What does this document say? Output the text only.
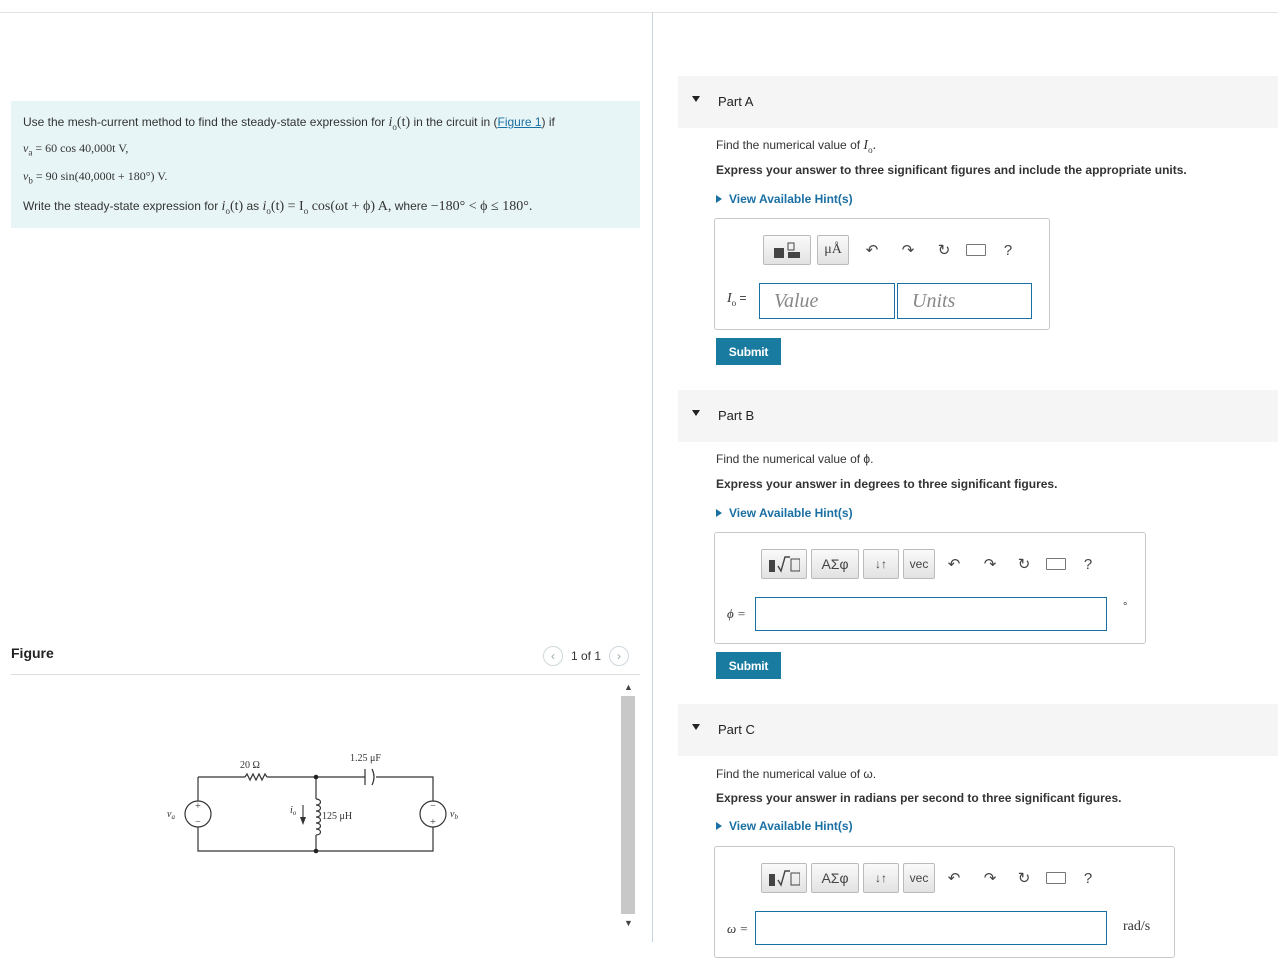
Use the mesh-current method to find the steady-state expression for $i_o(t)$ in the circuit in (Figure 1) if
$v_a = 60$ cos 40,000t V,
$v_b = 90$ sin(40,000t + 180°) V.
Write the steady-state expression for $i_o(t)$ as $i_o(t) = I_o$ cos(ωt + ϕ) A, where −180° < ϕ ≤ 180°.
Figure	‹	1 of 1	›
+
−
−
+
20 Ω
1.25 μF
125 μH
$v_a$	$v_b$
$i_o$
▲
▼
Part A
Find the numerical value of $I_o$.
Express your answer to three significant figures and include the appropriate units.
View Available Hint(s)
μÅ	↶	↷	↻	?
$I_o$ =	Value	Units
Submit
Part B
Find the numerical value of ϕ.
Express your answer in degrees to three significant figures.
View Available Hint(s)
ΑΣφ	↓↑	vec	↶	↷	↻	?
ϕ =	°
Submit
Part C
Find the numerical value of ω.
Express your answer in radians per second to three significant figures.
View Available Hint(s)
ΑΣφ	↓↑	vec	↶	↷	↻	?
ω =	rad/s
